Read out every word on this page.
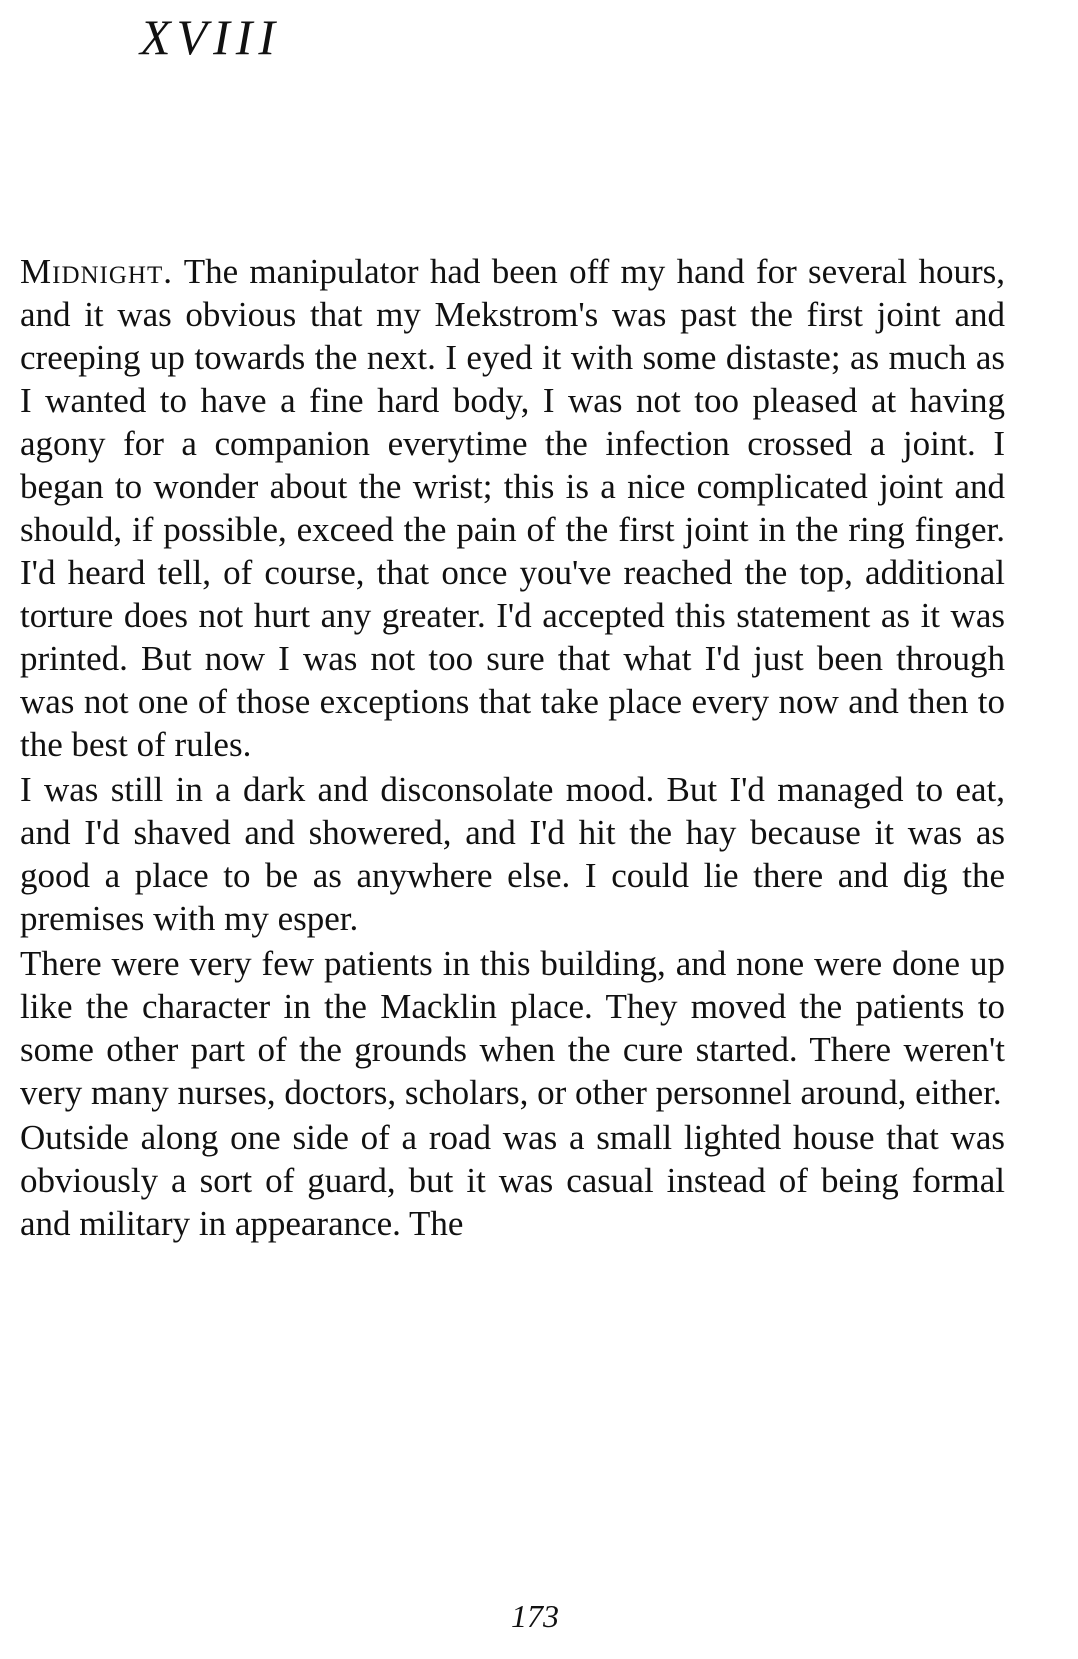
XVIII

Midnight. The manipulator had been off my hand for several hours, and it was obvious that my Mekstrom's was past the first joint and creeping up towards the next. I eyed it with some distaste; as much as I wanted to have a fine hard body, I was not too pleased at having agony for a companion everytime the infection crossed a joint. I began to wonder about the wrist; this is a nice complicated joint and should, if possible, exceed the pain of the first joint in the ring finger. I'd heard tell, of course, that once you've reached the top, additional torture does not hurt any greater. I'd accepted this statement as it was printed. But now I was not too sure that what I'd just been through was not one of those exceptions that take place every now and then to the best of rules.

I was still in a dark and disconsolate mood. But I'd managed to eat, and I'd shaved and showered, and I'd hit the hay because it was as good a place to be as anywhere else. I could lie there and dig the premises with my esper.

There were very few patients in this building, and none were done up like the character in the Macklin place. They moved the patients to some other part of the grounds when the cure started. There weren't very many nurses, doctors, scholars, or other personnel around, either.

Outside along one side of a road was a small lighted house that was obviously a sort of guard, but it was casual instead of being formal and military in appearance. The

173
